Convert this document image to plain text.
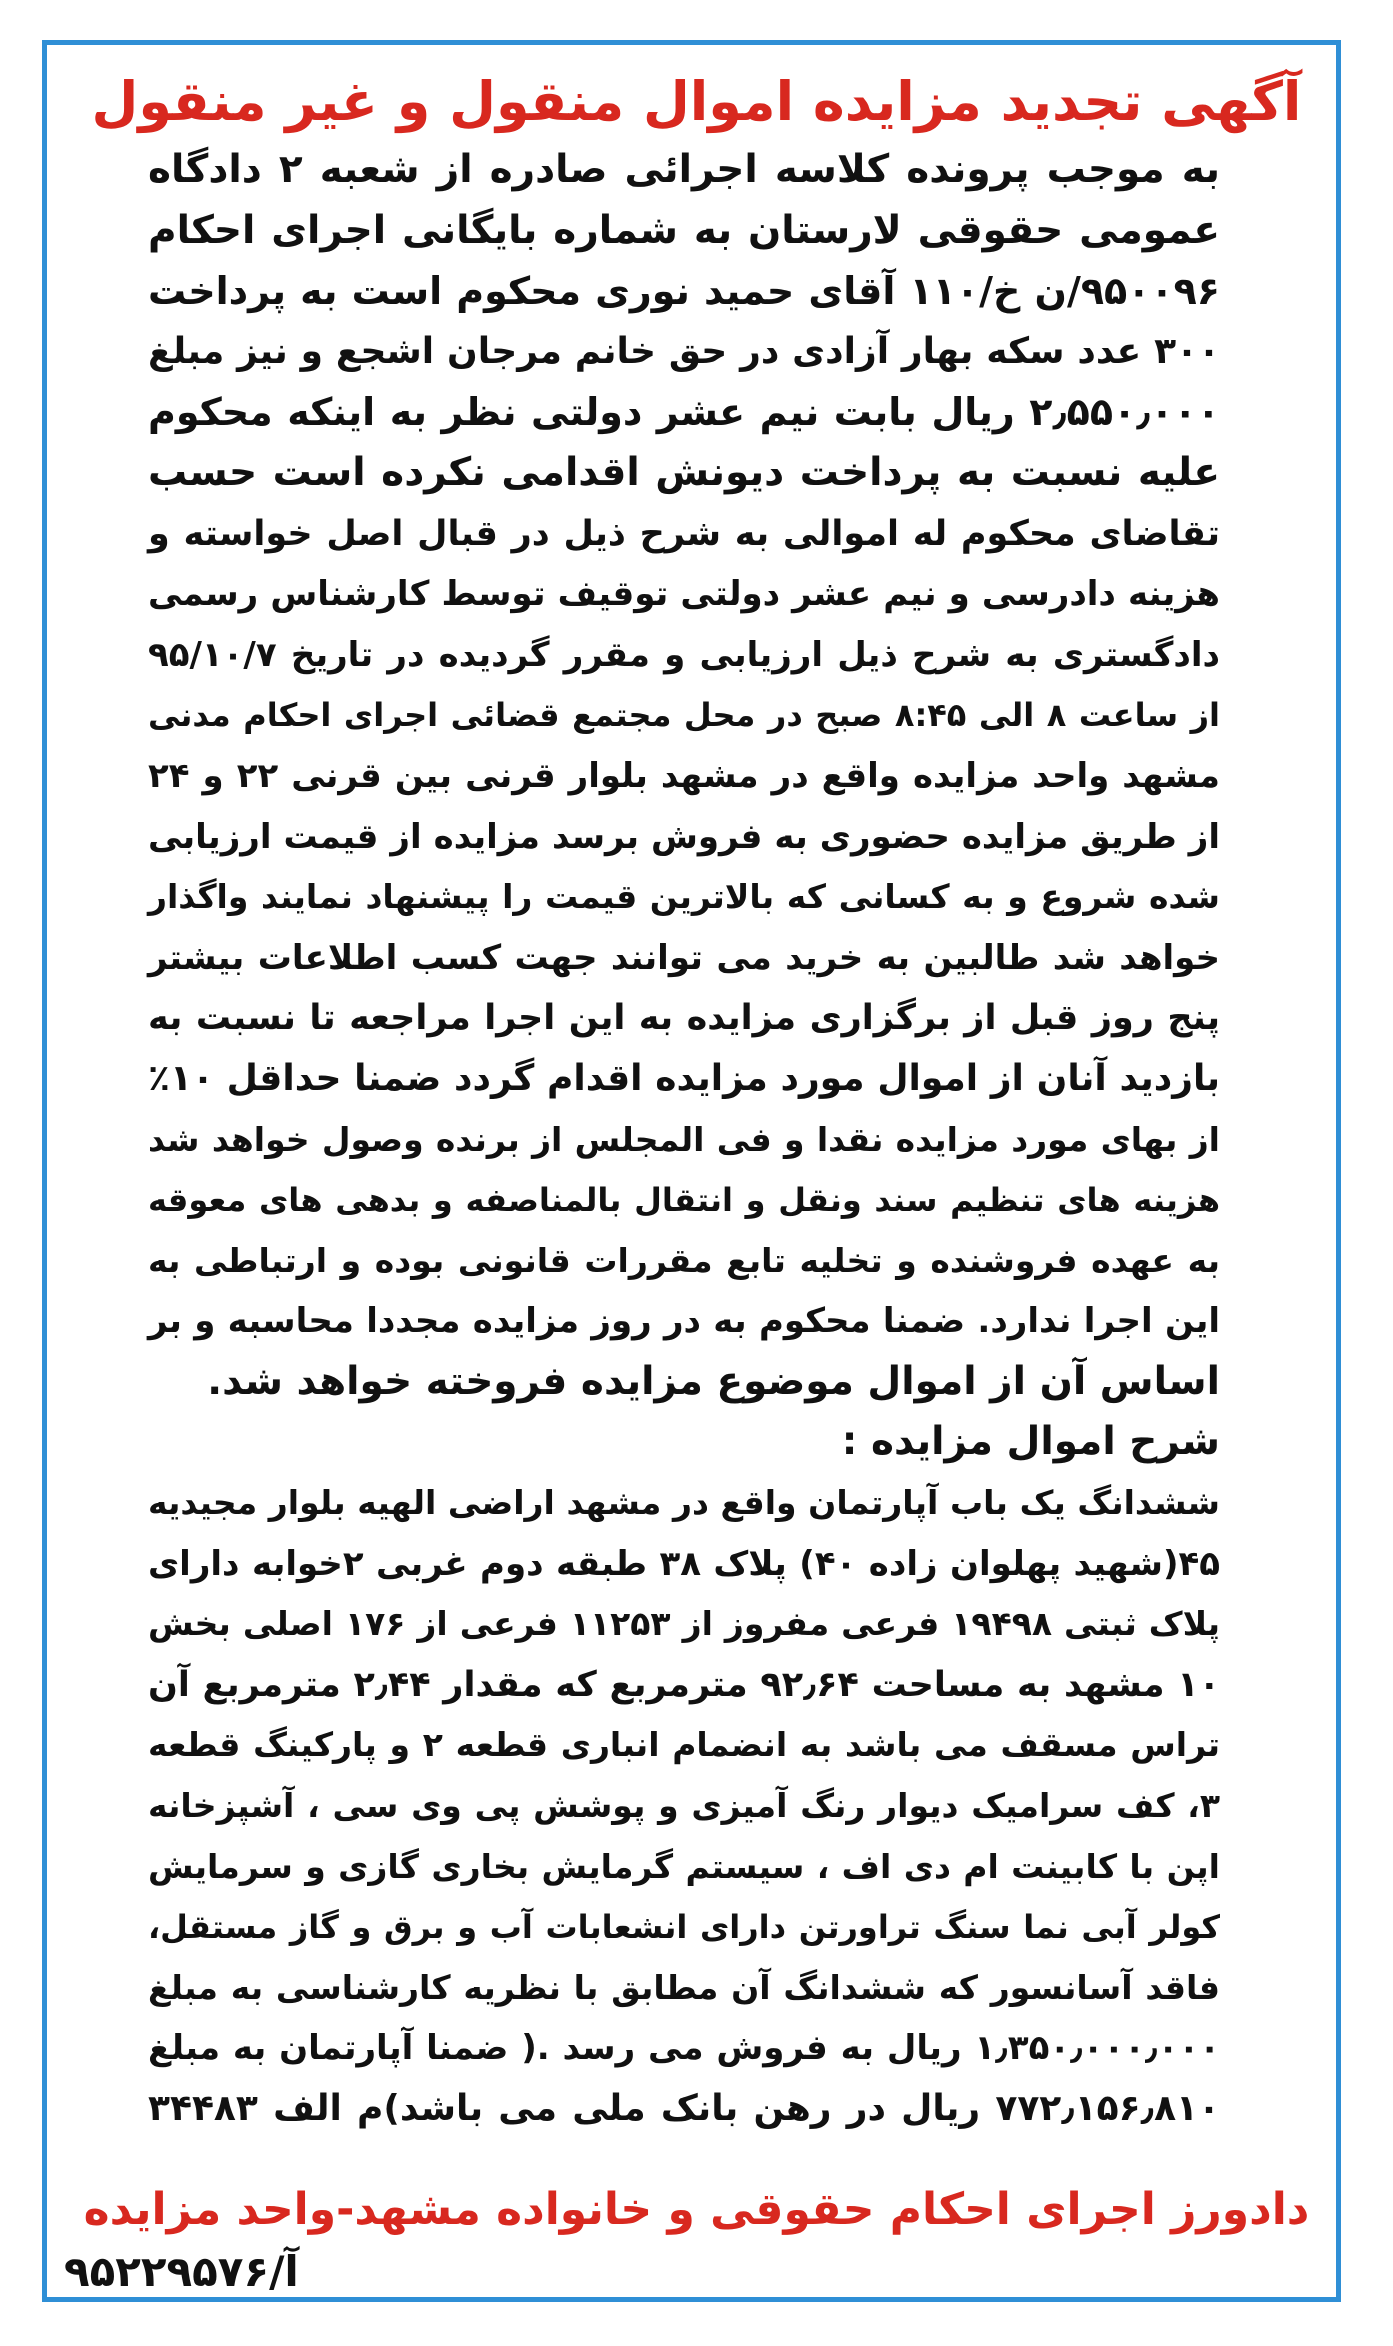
آگهی تجدید مزایده اموال منقول و غیر منقول
به موجب پرونده کلاسه اجرائی صادره از شعبه ۲ دادگاه
عمومی حقوقی لارستان به شماره بایگانی اجرای احکام
۹۵۰۰۹۶/ن خ/۱۱۰ آقای حمید نوری محکوم است به پرداخت
۳۰۰ عدد سکه بهار آزادی در حق خانم مرجان اشجع و نیز مبلغ
۲٫۵۵۰٫۰۰۰ ریال بابت نیم عشر دولتی نظر به اینکه محکوم
علیه نسبت به پرداخت دیونش اقدامی نکرده است حسب
تقاضای محکوم له اموالی به شرح ذیل در قبال اصل خواسته و
هزینه دادرسی و نیم عشر دولتی توقیف توسط کارشناس رسمی
دادگستری به شرح ذیل ارزیابی و مقرر گردیده در تاریخ ۹۵/۱۰/۷
از ساعت ۸ الی ۸:۴۵ صبح در محل مجتمع قضائی اجرای احکام مدنی
مشهد واحد مزایده واقع در مشهد بلوار قرنی بین قرنی ۲۲ و ۲۴
از طریق مزایده حضوری به فروش برسد مزایده از قیمت ارزیابی
شده شروع و به کسانی که بالاترین قیمت را پیشنهاد نمایند واگذار
خواهد شد طالبین به خرید می توانند جهت کسب اطلاعات بیشتر
پنج روز قبل از برگزاری مزایده به این اجرا مراجعه تا نسبت به
بازدید آنان از اموال مورد مزایده اقدام گردد ضمنا حداقل ۱۰٪
از بهای مورد مزایده نقدا و فی المجلس از برنده وصول خواهد شد
هزینه های تنظیم سند ونقل و انتقال بالمناصفه و بدهی های معوقه
به عهده فروشنده و تخلیه تابع مقررات قانونی بوده و ارتباطی به
این اجرا ندارد. ضمنا محکوم به در روز مزایده مجددا محاسبه و بر
اساس آن از اموال موضوع مزایده فروخته خواهد شد.
شرح اموال مزایده :
ششدانگ یک باب آپارتمان واقع در مشهد اراضی الهیه بلوار مجیدیه
۴۵(شهید پهلوان زاده ۴۰) پلاک ۳۸ طبقه دوم غربی ۲خوابه دارای
پلاک ثبتی ۱۹۴۹۸ فرعی مفروز از ۱۱۲۵۳ فرعی از ۱۷۶ اصلی بخش
۱۰ مشهد به مساحت ۹۲٫۶۴ مترمربع که مقدار ۲٫۴۴ مترمربع آن
تراس مسقف می باشد به انضمام انباری قطعه ۲ و پارکینگ قطعه
۳، کف سرامیک دیوار رنگ آمیزی و پوشش پی وی سی ، آشپزخانه
اپن با کابینت ام دی اف ، سیستم گرمایش بخاری گازی و سرمایش
کولر آبی نما سنگ تراورتن دارای انشعابات آب و برق و گاز مستقل،
فاقد آسانسور که ششدانگ آن مطابق با نظریه کارشناسی به مبلغ
۱٫۳۵۰٫۰۰۰٫۰۰۰ ریال به فروش می رسد .( ضمنا آپارتمان به مبلغ
۷۷۲٫۱۵۶٫۸۱۰ ریال در رهن بانک ملی می باشد)م الف ۳۴۴۸۳
دادورز اجرای احکام حقوقی و خانواده مشهد-واحد مزایده
آ/۹۵۲۲۹۵۷۶
